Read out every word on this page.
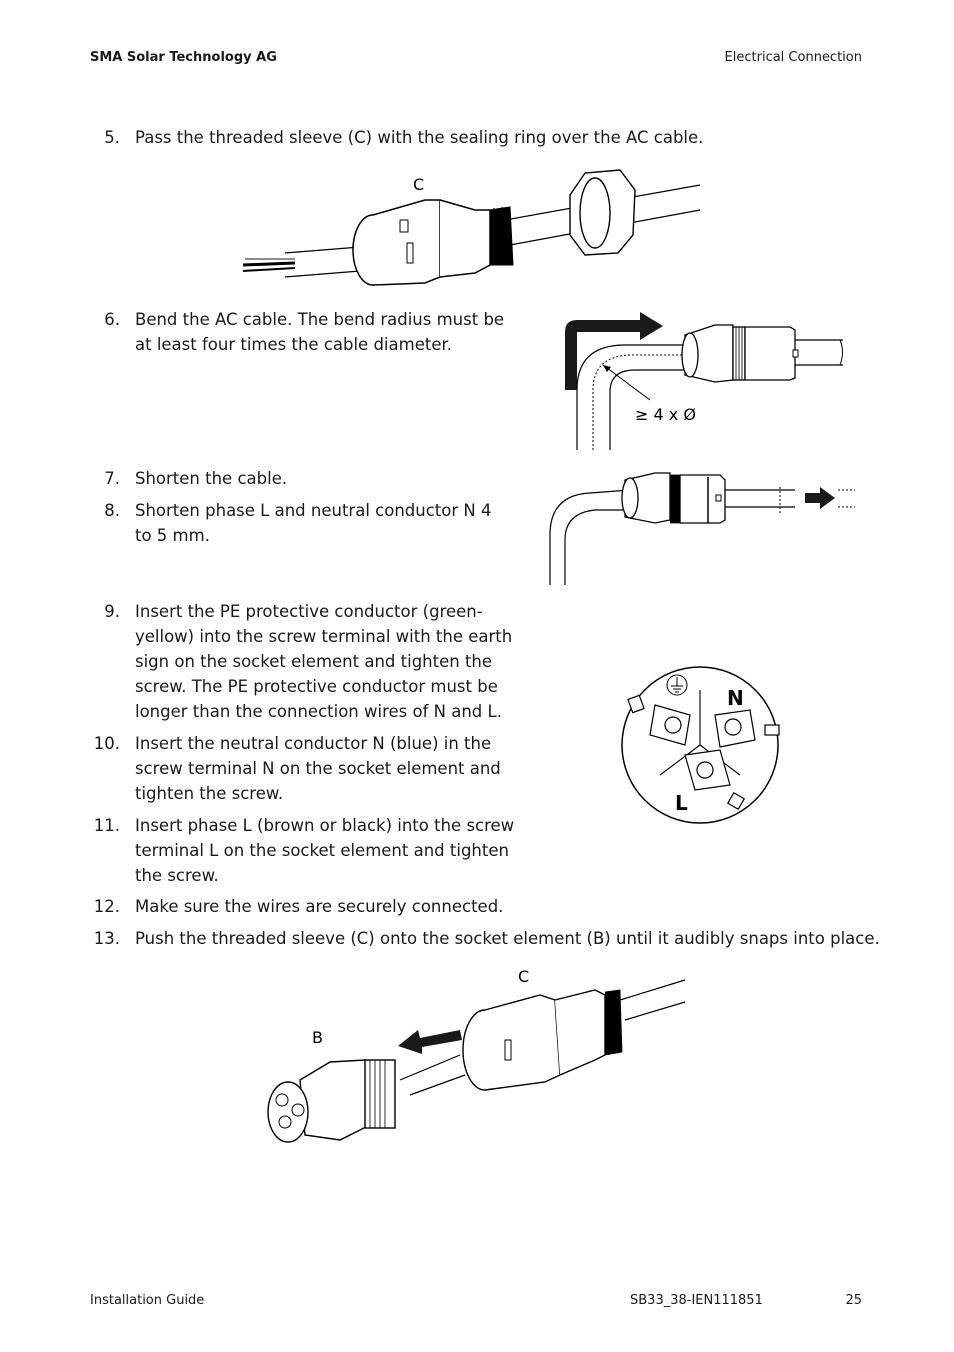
SMA Solar Technology AG	Electrical Connection
5. Pass the threaded sleeve (C) with the sealing ring over the AC cable.
C
6. Bend the AC cable. The bend radius must be at least four times the cable diameter.
≥ 4 x Ø
7. Shorten the cable.
8. Shorten phase L and neutral conductor N 4 to 5 mm.
9. Insert the PE protective conductor (green-yellow) into the screw terminal with the earth sign on the socket element and tighten the screw. The PE protective conductor must be longer than the connection wires of N and L.
10. Insert the neutral conductor N (blue) in the screw terminal N on the socket element and tighten the screw.
11. Insert phase L (brown or black) into the screw terminal L on the socket element and tighten the screw.
N
L
12. Make sure the wires are securely connected.
13. Push the threaded sleeve (C) onto the socket element (B) until it audibly snaps into place.
C
B
Installation Guide	SB33_38-IEN111851	25
